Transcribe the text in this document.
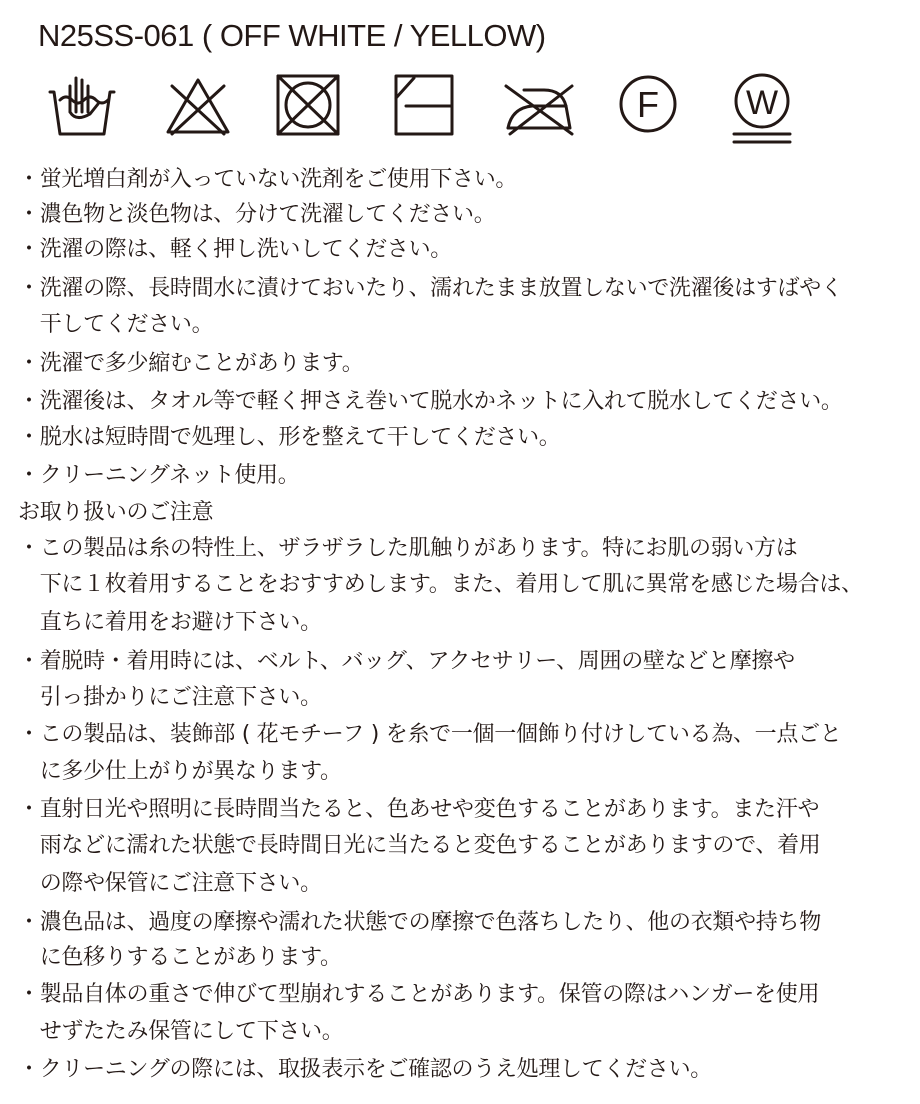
N25SS-061 ( OFF WHITE / YELLOW)
F	W
・蛍光増白剤が入っていない洗剤をご使用下さい。
・濃色物と淡色物は、分けて洗濯してください。
・洗濯の際は、軽く押し洗いしてください。
・洗濯の際、長時間水に漬けておいたり、濡れたまま放置しないで洗濯後はすばやく
　干してください。
・洗濯で多少縮むことがあります。
・洗濯後は、タオル等で軽く押さえ巻いて脱水かネットに入れて脱水してください。
・脱水は短時間で処理し、形を整えて干してください。
・クリーニングネット使用。
お取り扱いのご注意
・この製品は糸の特性上、ザラザラした肌触りがあります。特にお肌の弱い方は
　下に１枚着用することをおすすめします。また、着用して肌に異常を感じた場合は、
　直ちに着用をお避け下さい。
・着脱時・着用時には、ベルト、バッグ、アクセサリー、周囲の壁などと摩擦や
　引っ掛かりにご注意下さい。
・この製品は、装飾部 ( 花モチーフ ) を糸で一個一個飾り付けしている為、一点ごと
　に多少仕上がりが異なります。
・直射日光や照明に長時間当たると、色あせや変色することがあります。また汗や
　雨などに濡れた状態で長時間日光に当たると変色することがありますので、着用
　の際や保管にご注意下さい。
・濃色品は、過度の摩擦や濡れた状態での摩擦で色落ちしたり、他の衣類や持ち物
　に色移りすることがあります。
・製品自体の重さで伸びて型崩れすることがあります。保管の際はハンガーを使用
　せずたたみ保管にして下さい。
・クリーニングの際には、取扱表示をご確認のうえ処理してください。
